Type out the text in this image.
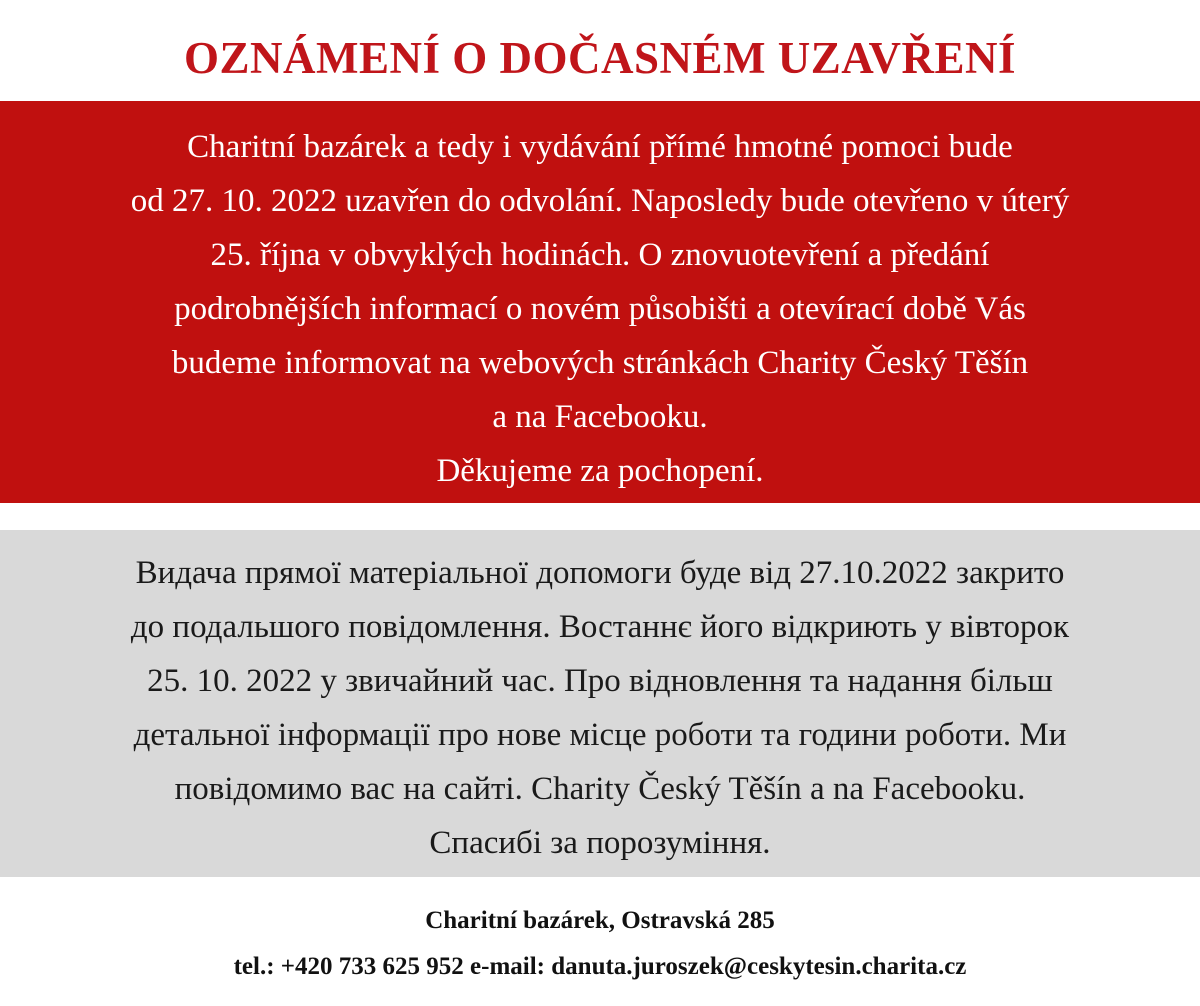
OZNÁMENÍ O DOČASNÉM UZAVŘENÍ
Charitní bazárek a tedy i vydávání přímé hmotné pomoci bude
od 27. 10. 2022 uzavřen do odvolání. Naposledy bude otevřeno v úterý
25. října v obvyklých hodinách. O znovuotevření a předání
podrobnějších informací o novém působišti a otevírací době Vás
budeme informovat na webových stránkách Charity Český Těšín
a na Facebooku.
Děkujeme za pochopení.
Видача прямої матеріальної допомоги буде від 27.10.2022 закрито
до подальшого повідомлення. Востаннє його відкриють у вівторок
25. 10. 2022 у звичайний час. Про відновлення та надання більш
детальної інформації про нове місце роботи та години роботи. Ми
повідомимо вас на сайті. Charity Český Těšín a na Facebooku.
Спасибі за порозуміння.
Charitní bazárek, Ostravská 285
tel.: +420 733 625 952 e-mail: danuta.juroszek@ceskytesin.charita.cz
